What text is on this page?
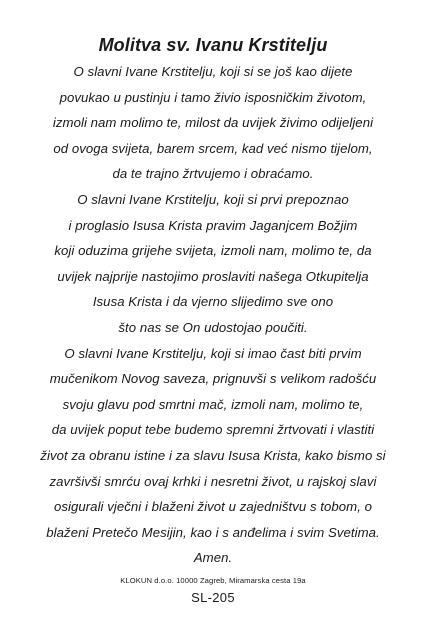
Molitva sv. Ivanu Krstitelju
O slavni Ivane Krstitelju, koji si se još kao dijete
povukao u pustinju i tamo živio isposničkim životom,
izmoli nam molimo te, milost da uvijek živimo odijeljeni
od ovoga svijeta, barem srcem, kad već nismo tijelom,
da te trajno žrtvujemo i obraćamo.
O slavni Ivane Krstitelju, koji si prvi prepoznao
i proglasio Isusa Krista pravim Jaganjcem Božjim
koji oduzima grijehe svijeta, izmoli nam, molimo te, da
uvijek najprije nastojimo proslaviti našega Otkupitelja
Isusa Krista i da vjerno slijedimo sve ono
što nas se On udostojao poučiti.
O slavni Ivane Krstitelju, koji si imao čast biti prvim
mučenikom Novog saveza, prignuvši s velikom radošću
svoju glavu pod smrtni mač, izmoli nam, molimo te,
da uvijek poput tebe budemo spremni žrtvovati i vlastiti
život za obranu istine i za slavu Isusa Krista, kako bismo si
završivši smrću ovaj krhki i nesretni život, u rajskoj slavi
osigurali vječni i blaženi život u zajedništvu s tobom, o
blaženi Pretečo Mesijin, kao i s anđelima i svim Svetima.
Amen.
KLOKUN d.o.o. 10000 Zagreb, Miramarska cesta 19a
SL-205
